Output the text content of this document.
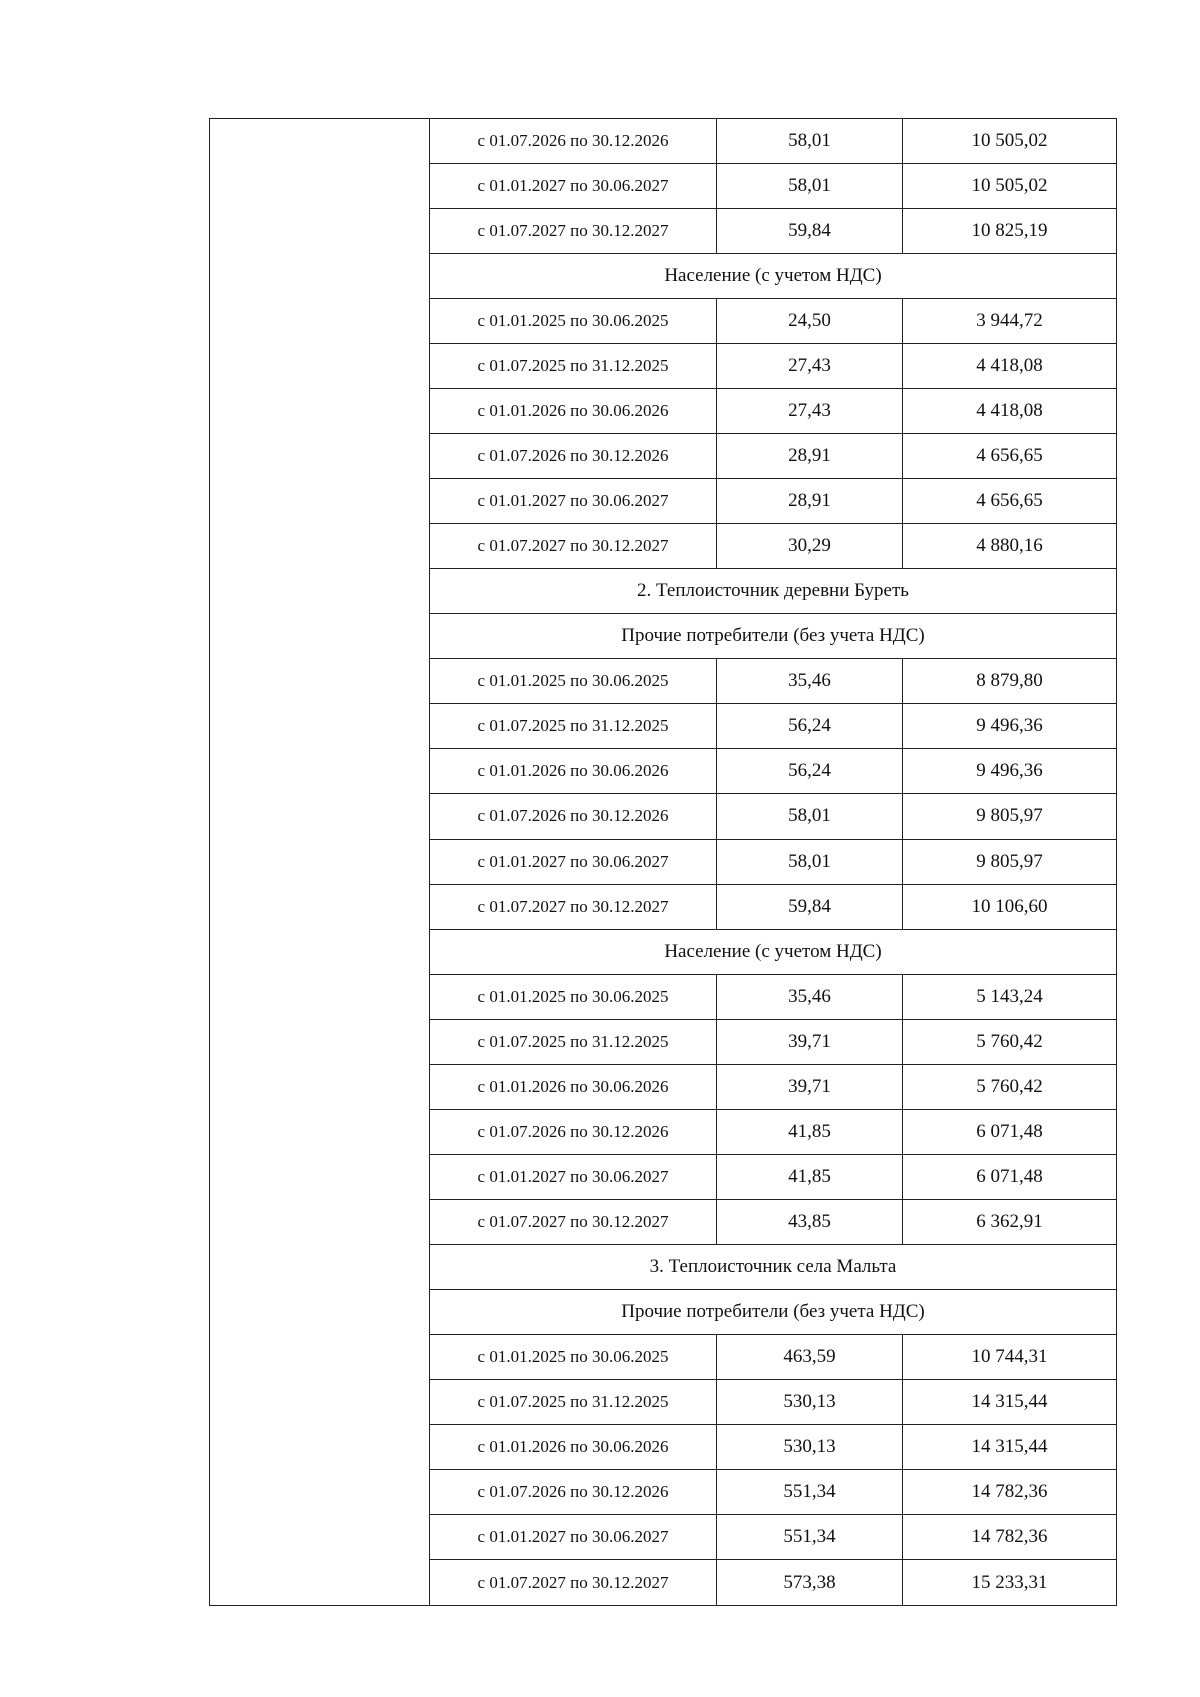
с 01.07.2026 по 30.12.2026	58,01	10 505,02
с 01.01.2027 по 30.06.2027	58,01	10 505,02
с 01.07.2027 по 30.12.2027	59,84	10 825,19
Население (с учетом НДС)
с 01.01.2025 по 30.06.2025	24,50	3 944,72
с 01.07.2025 по 31.12.2025	27,43	4 418,08
с 01.01.2026 по 30.06.2026	27,43	4 418,08
с 01.07.2026 по 30.12.2026	28,91	4 656,65
с 01.01.2027 по 30.06.2027	28,91	4 656,65
с 01.07.2027 по 30.12.2027	30,29	4 880,16
2. Теплоисточник деревни Буреть
Прочие потребители (без учета НДС)
с 01.01.2025 по 30.06.2025	35,46	8 879,80
с 01.07.2025 по 31.12.2025	56,24	9 496,36
с 01.01.2026 по 30.06.2026	56,24	9 496,36
с 01.07.2026 по 30.12.2026	58,01	9 805,97
с 01.01.2027 по 30.06.2027	58,01	9 805,97
с 01.07.2027 по 30.12.2027	59,84	10 106,60
Население (с учетом НДС)
с 01.01.2025 по 30.06.2025	35,46	5 143,24
с 01.07.2025 по 31.12.2025	39,71	5 760,42
с 01.01.2026 по 30.06.2026	39,71	5 760,42
с 01.07.2026 по 30.12.2026	41,85	6 071,48
с 01.01.2027 по 30.06.2027	41,85	6 071,48
с 01.07.2027 по 30.12.2027	43,85	6 362,91
3. Теплоисточник села Мальта
Прочие потребители (без учета НДС)
с 01.01.2025 по 30.06.2025	463,59	10 744,31
с 01.07.2025 по 31.12.2025	530,13	14 315,44
с 01.01.2026 по 30.06.2026	530,13	14 315,44
с 01.07.2026 по 30.12.2026	551,34	14 782,36
с 01.01.2027 по 30.06.2027	551,34	14 782,36
с 01.07.2027 по 30.12.2027	573,38	15 233,31
